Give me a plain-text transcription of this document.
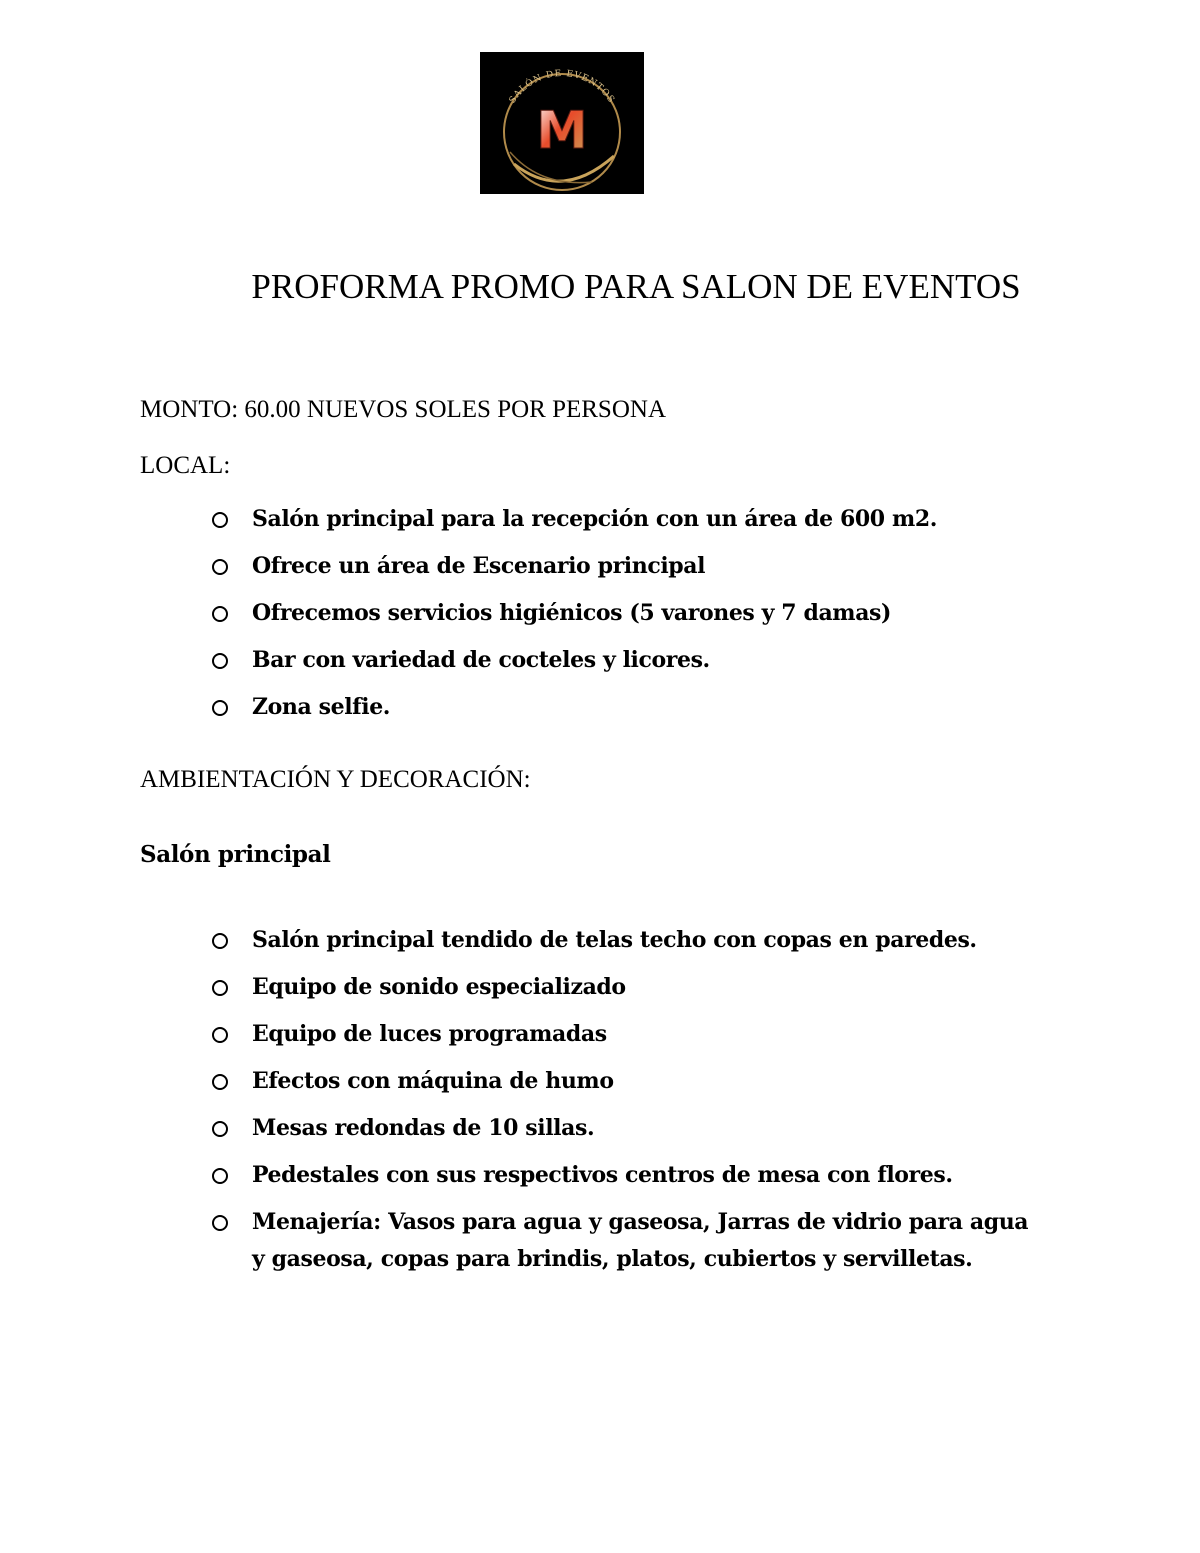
SALÓN DE EVENTOS
M
PROFORMA PROMO PARA SALON DE EVENTOS
MONTO: 60.00 NUEVOS SOLES POR PERSONA
LOCAL:
Salón principal para la recepción con un área de 600 m2.
Ofrece un área de Escenario principal
Ofrecemos servicios higiénicos (5 varones y 7 damas)
Bar con variedad de cocteles y licores.
Zona selfie.
AMBIENTACIÓN Y DECORACIÓN:
Salón principal
Salón principal tendido de telas techo con copas en paredes.
Equipo de sonido especializado
Equipo de luces programadas
Efectos con máquina de humo
Mesas redondas de 10 sillas.
Pedestales con sus respectivos centros de mesa con flores.
Menajería: Vasos para agua y gaseosa, Jarras de vidrio para agua y gaseosa, copas para brindis, platos, cubiertos y servilletas.
